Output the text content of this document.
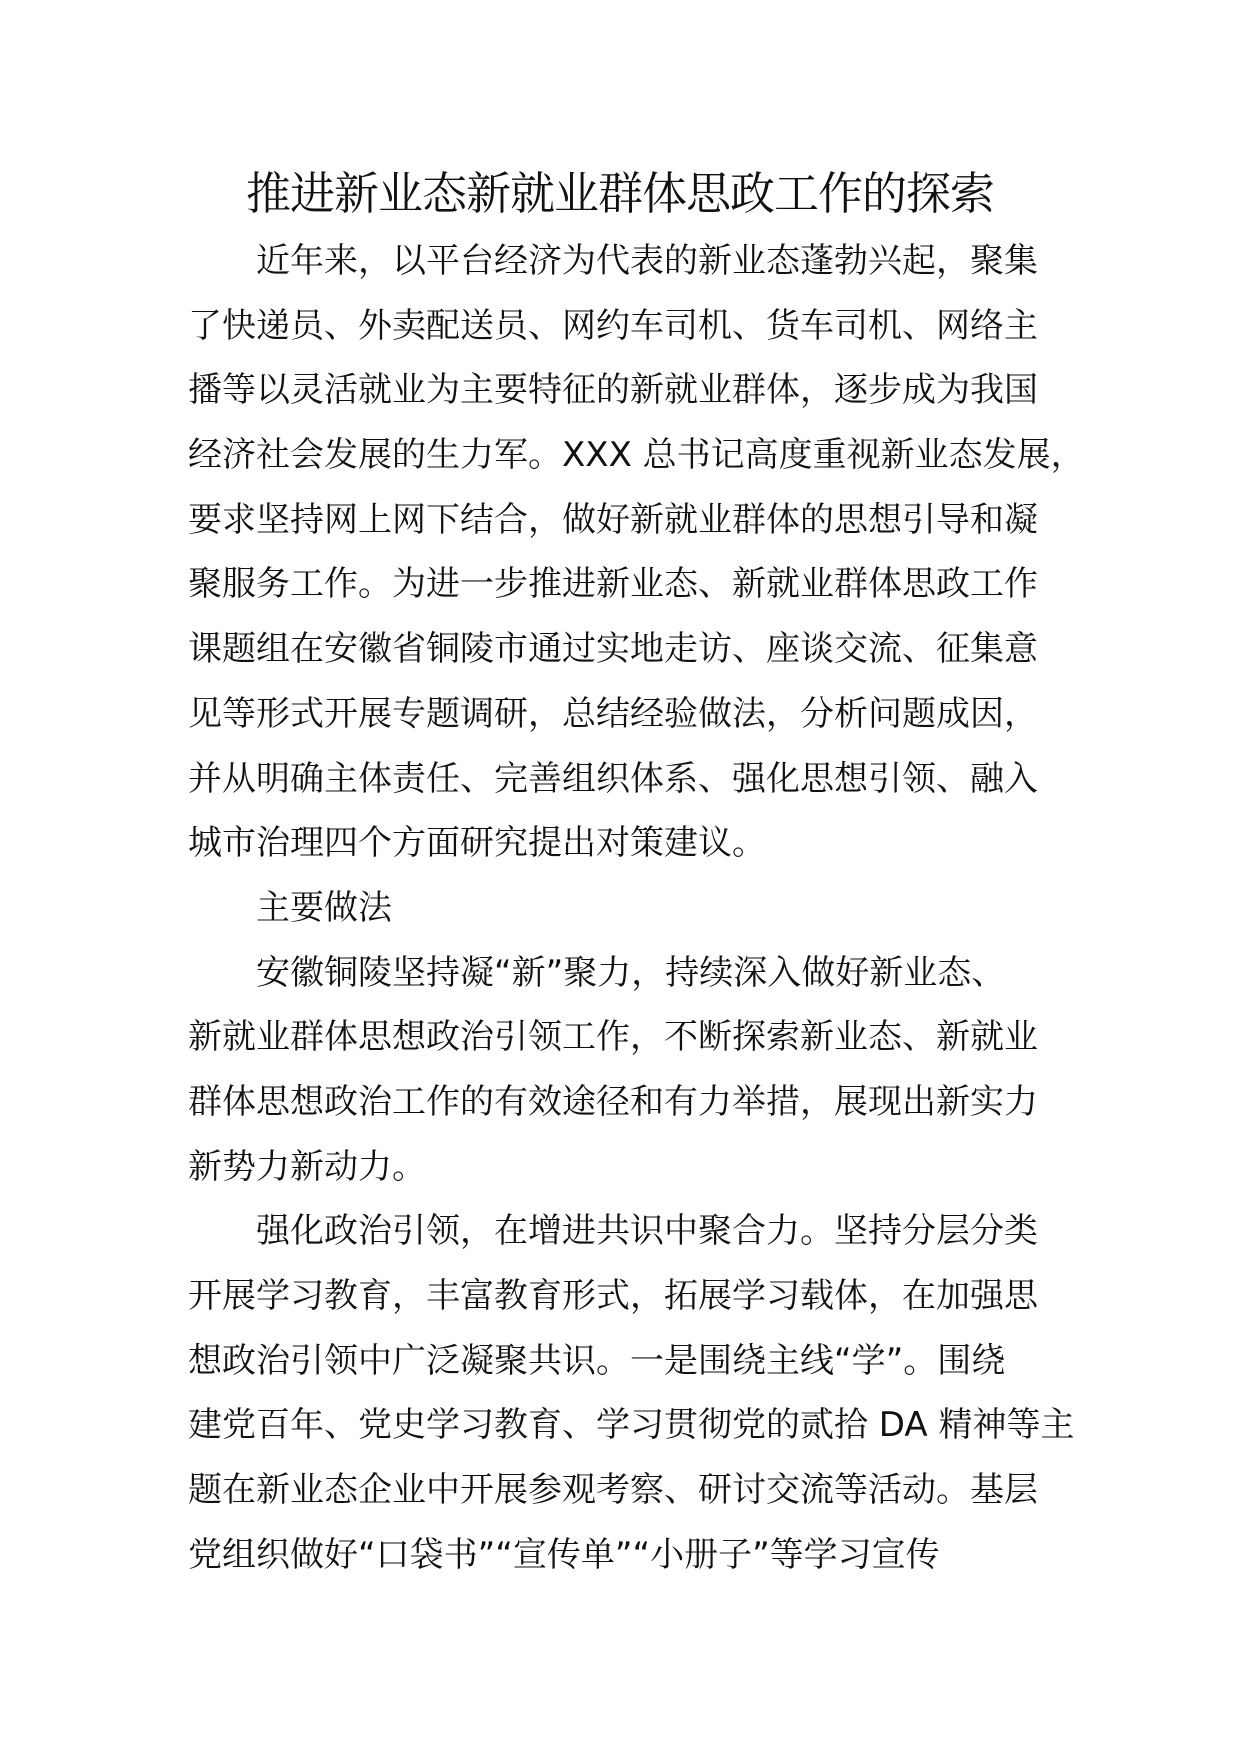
推进新业态新就业群体思政工作的探索
近年来，以平台经济为代表的新业态蓬勃兴起，聚集
了快递员、外卖配送员、网约车司机、货车司机、网络主
播等以灵活就业为主要特征的新就业群体，逐步成为我国
经济社会发展的生力军。XXX 总书记高度重视新业态发展，
要求坚持网上网下结合，做好新就业群体的思想引导和凝
聚服务工作。为进一步推进新业态、新就业群体思政工作
课题组在安徽省铜陵市通过实地走访、座谈交流、征集意
见等形式开展专题调研，总结经验做法，分析问题成因，
并从明确主体责任、完善组织体系、强化思想引领、融入
城市治理四个方面研究提出对策建议。
主要做法
安徽铜陵坚持凝“新”聚力，持续深入做好新业态、
新就业群体思想政治引领工作，不断探索新业态、新就业
群体思想政治工作的有效途径和有力举措，展现出新实力
新势力新动力。
强化政治引领，在增进共识中聚合力。坚持分层分类
开展学习教育，丰富教育形式，拓展学习载体，在加强思
想政治引领中广泛凝聚共识。一是围绕主线“学”。围绕
建党百年、党史学习教育、学习贯彻党的贰拾 DA 精神等主
题在新业态企业中开展参观考察、研讨交流等活动。基层
党组织做好“口袋书”“宣传单”“小册子”等学习宣传
